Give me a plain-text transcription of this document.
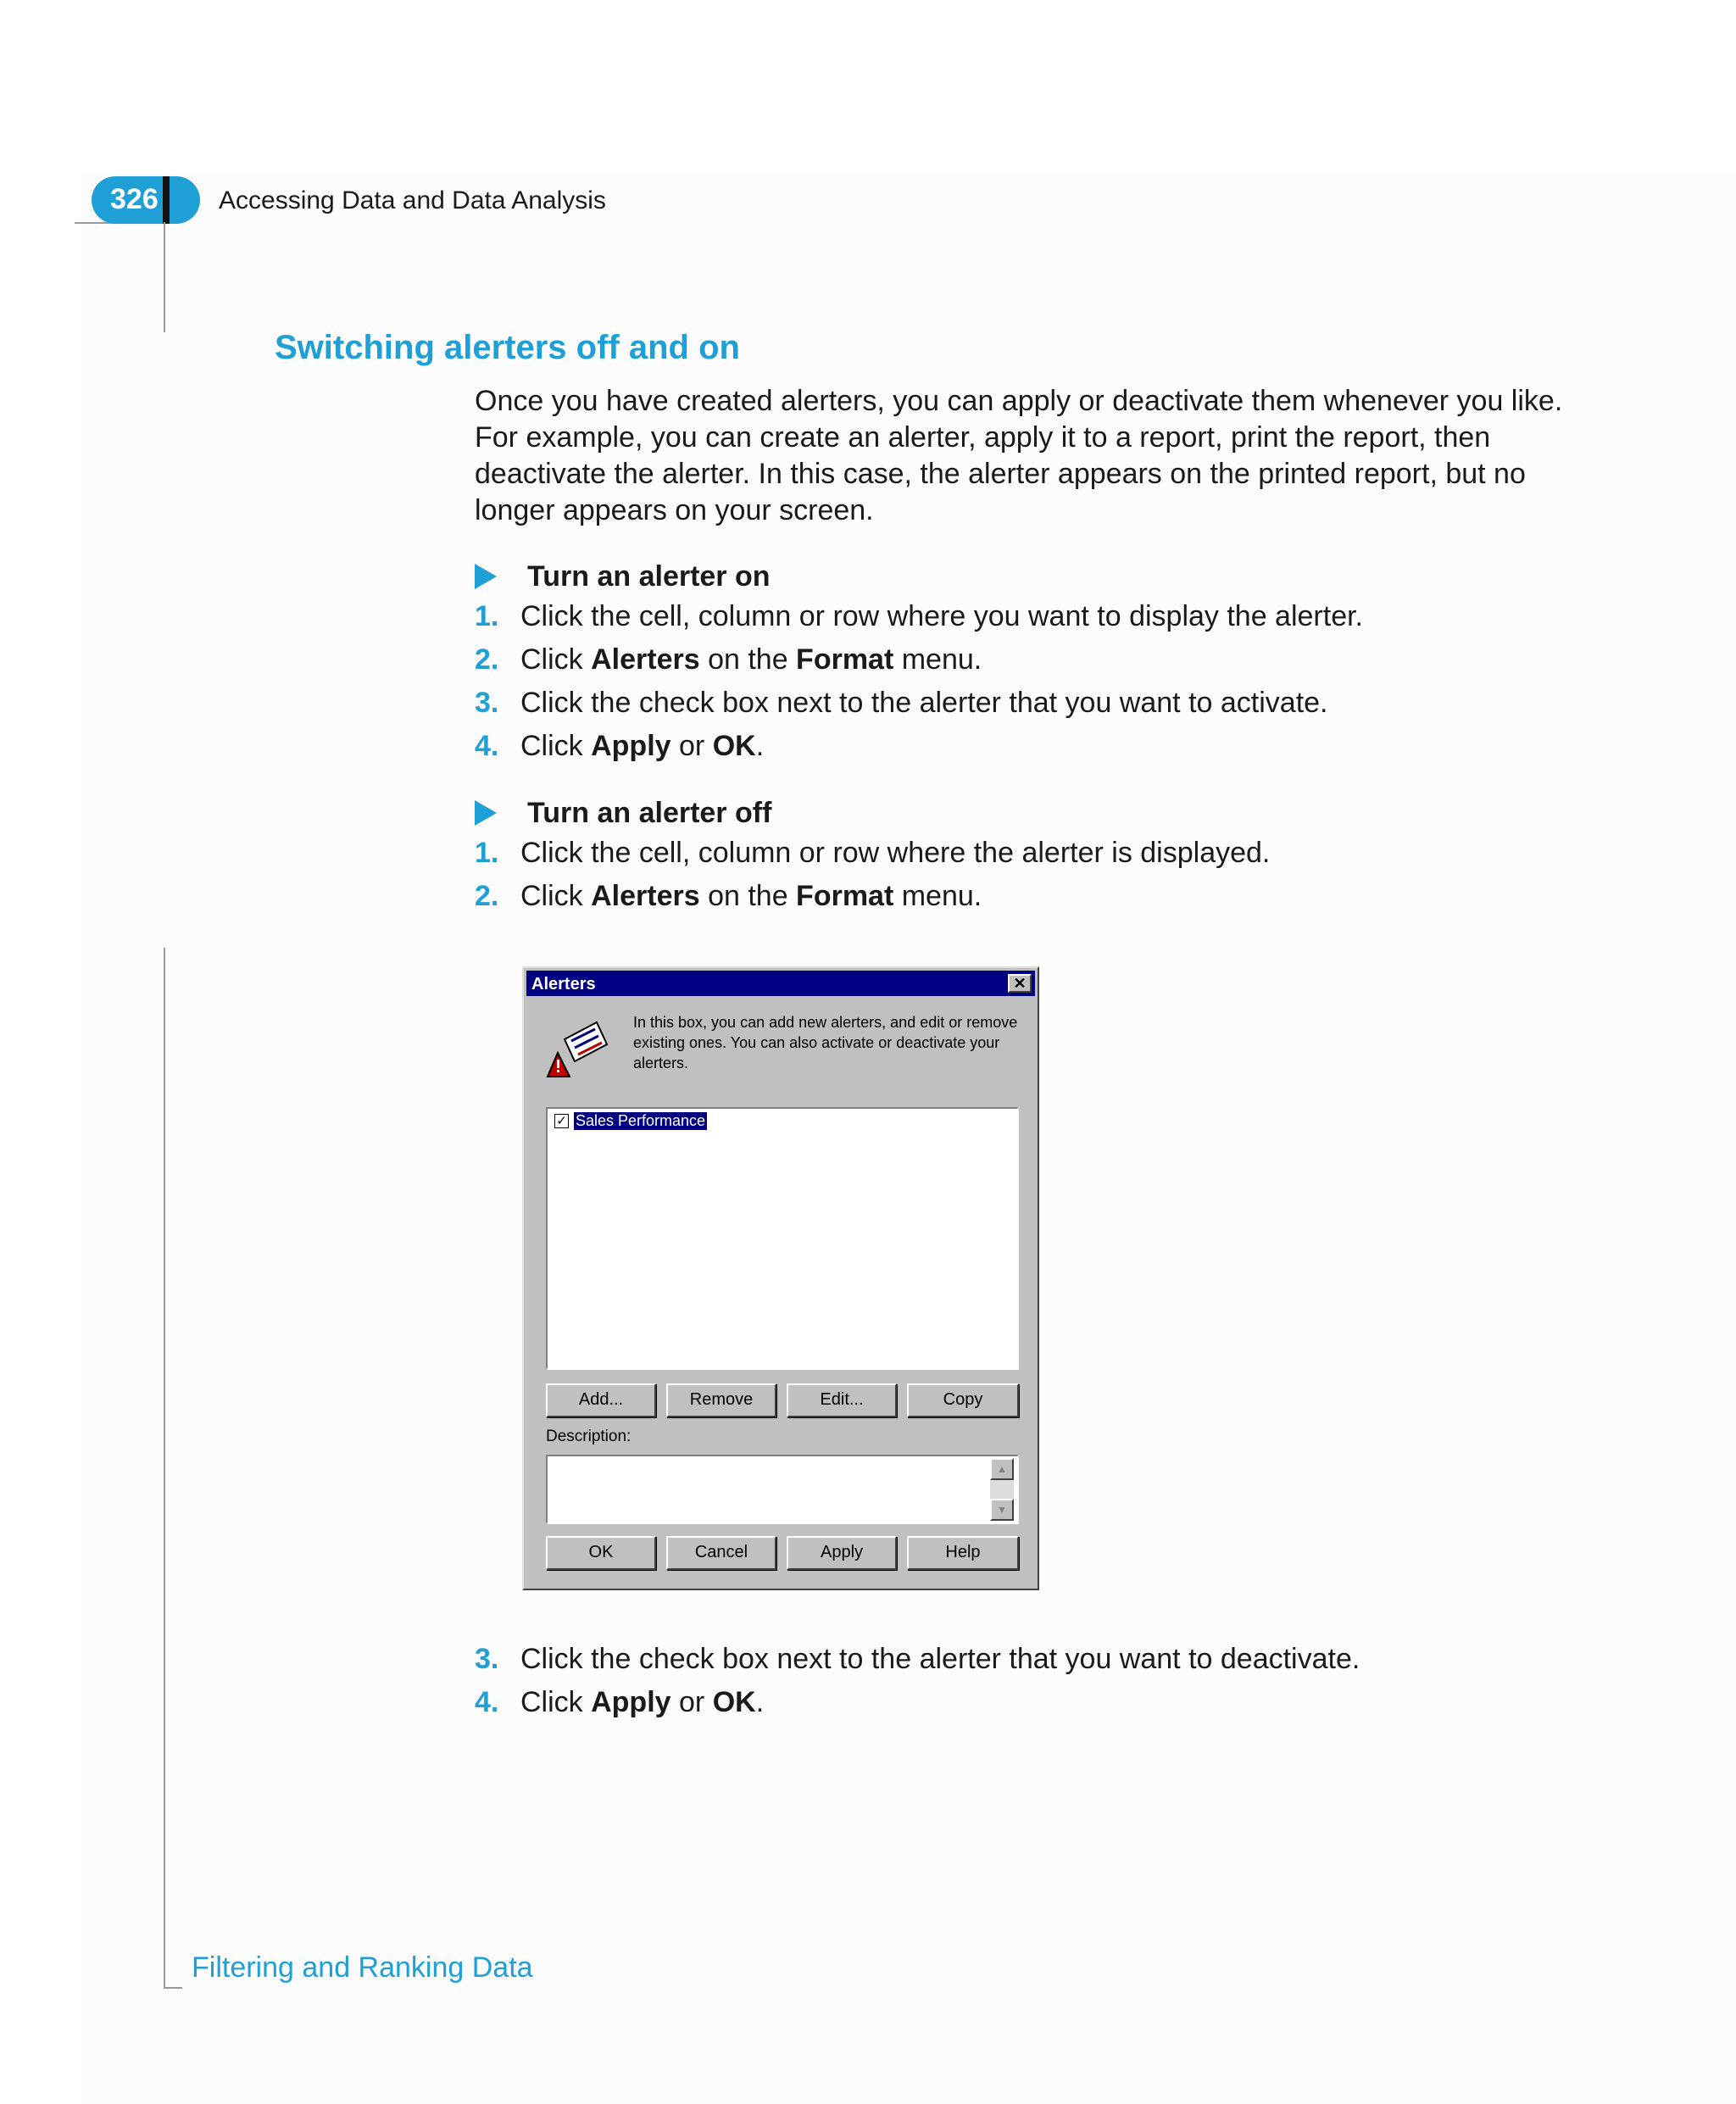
326 Accessing Data and Data Analysis
Switching alerters off and on

Once you have created alerters, you can apply or deactivate them whenever you like. For example, you can create an alerter, apply it to a report, print the report, then deactivate the alerter. In this case, the alerter appears on the printed report, but no longer appears on your screen.

Turn an alerter on
1. Click the cell, column or row where you want to display the alerter.
2. Click Alerters on the Format menu.
3. Click the check box next to the alerter that you want to activate.
4. Click Apply or OK.
Turn an alerter off
1. Click the cell, column or row where the alerter is displayed.
2. Click Alerters on the Format menu.
Alerters	✕

In this box, you can add new alerters, and edit or remove existing ones. You can also activate or deactivate your alerters.

✓ Sales Performance
Add...	Remove	Edit...	Copy
Description:
▲
▼
OK	Cancel	Apply	Help
3. Click the check box next to the alerter that you want to deactivate.
4. Click Apply or OK.
Filtering and Ranking Data
